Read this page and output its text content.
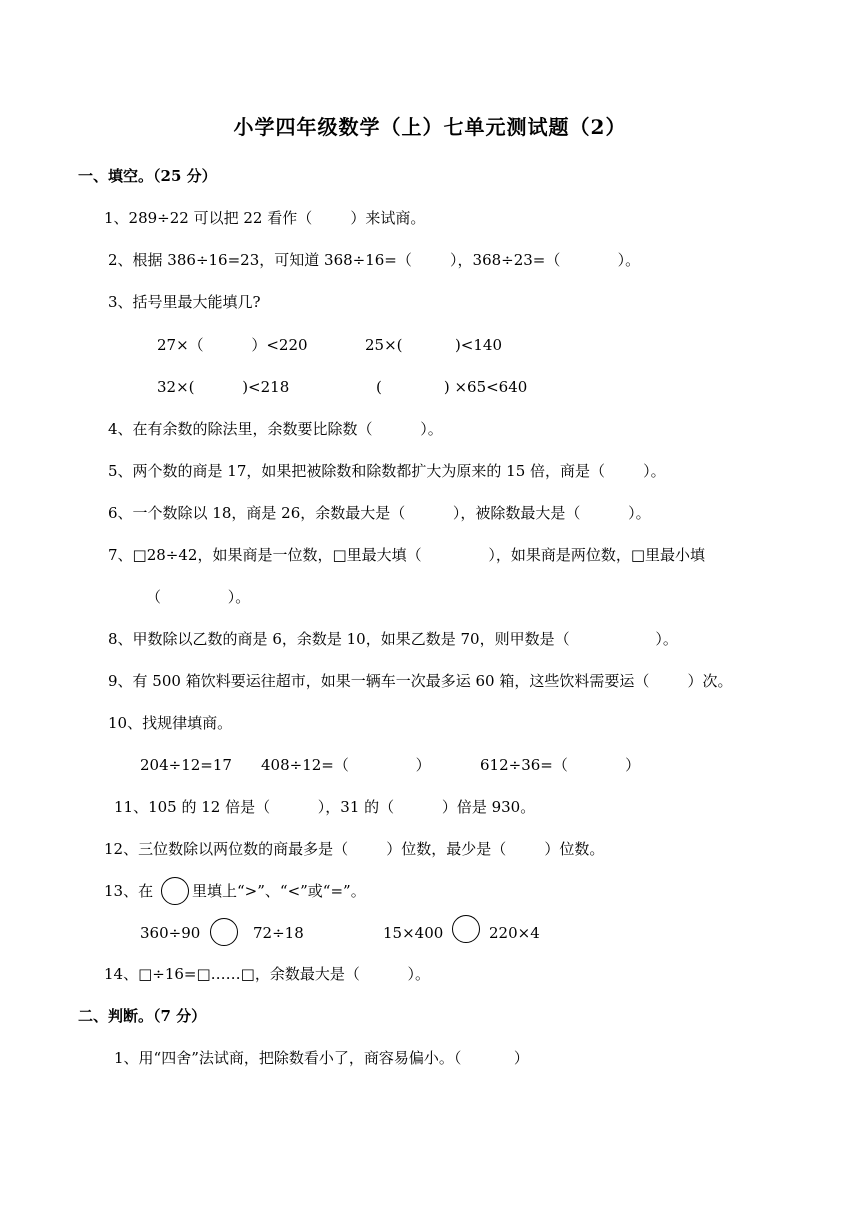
小学四年级数学（上）七单元测试题（2）
一、填空。（25 分）
1、289÷22 可以把 22 看作（        ）来试商。
2、根据 386÷16=23，可知道 368÷16=（        ），368÷23=（            ）。
3、括号里最大能填几?
27×（          ）<220	25×(           )<140
32×(          )<218	(             ) ×65<640
4、在有余数的除法里，余数要比除数（          ）。
5、两个数的商是 17，如果把被除数和除数都扩大为原来的 15 倍，商是（        ）。
6、一个数除以 18，商是 26，余数最大是（          ），被除数最大是（          ）。
7、□28÷42，如果商是一位数，□里最大填（              ），如果商是两位数，□里最小填
（              ）。
8、甲数除以乙数的商是 6，余数是 10，如果乙数是 70，则甲数是（                  ）。
9、有 500 箱饮料要运往超市，如果一辆车一次最多运 60 箱，这些饮料需要运（        ）次。
10、找规律填商。
204÷12=17 408÷12=（              ）	612÷36=（            ）
11、105 的 12 倍是（          ），31 的（          ）倍是 930。
12、三位数除以两位数的商最多是（        ）位数，最少是（        ）位数。
13、在	里填上“>”、“<”或“=”。
360÷90	72÷18	15×400	220×4
14、□÷16=□……□，余数最大是（          ）。
二、判断。（7 分）
1、用“四舍”法试商，把除数看小了，商容易偏小。（           ）
